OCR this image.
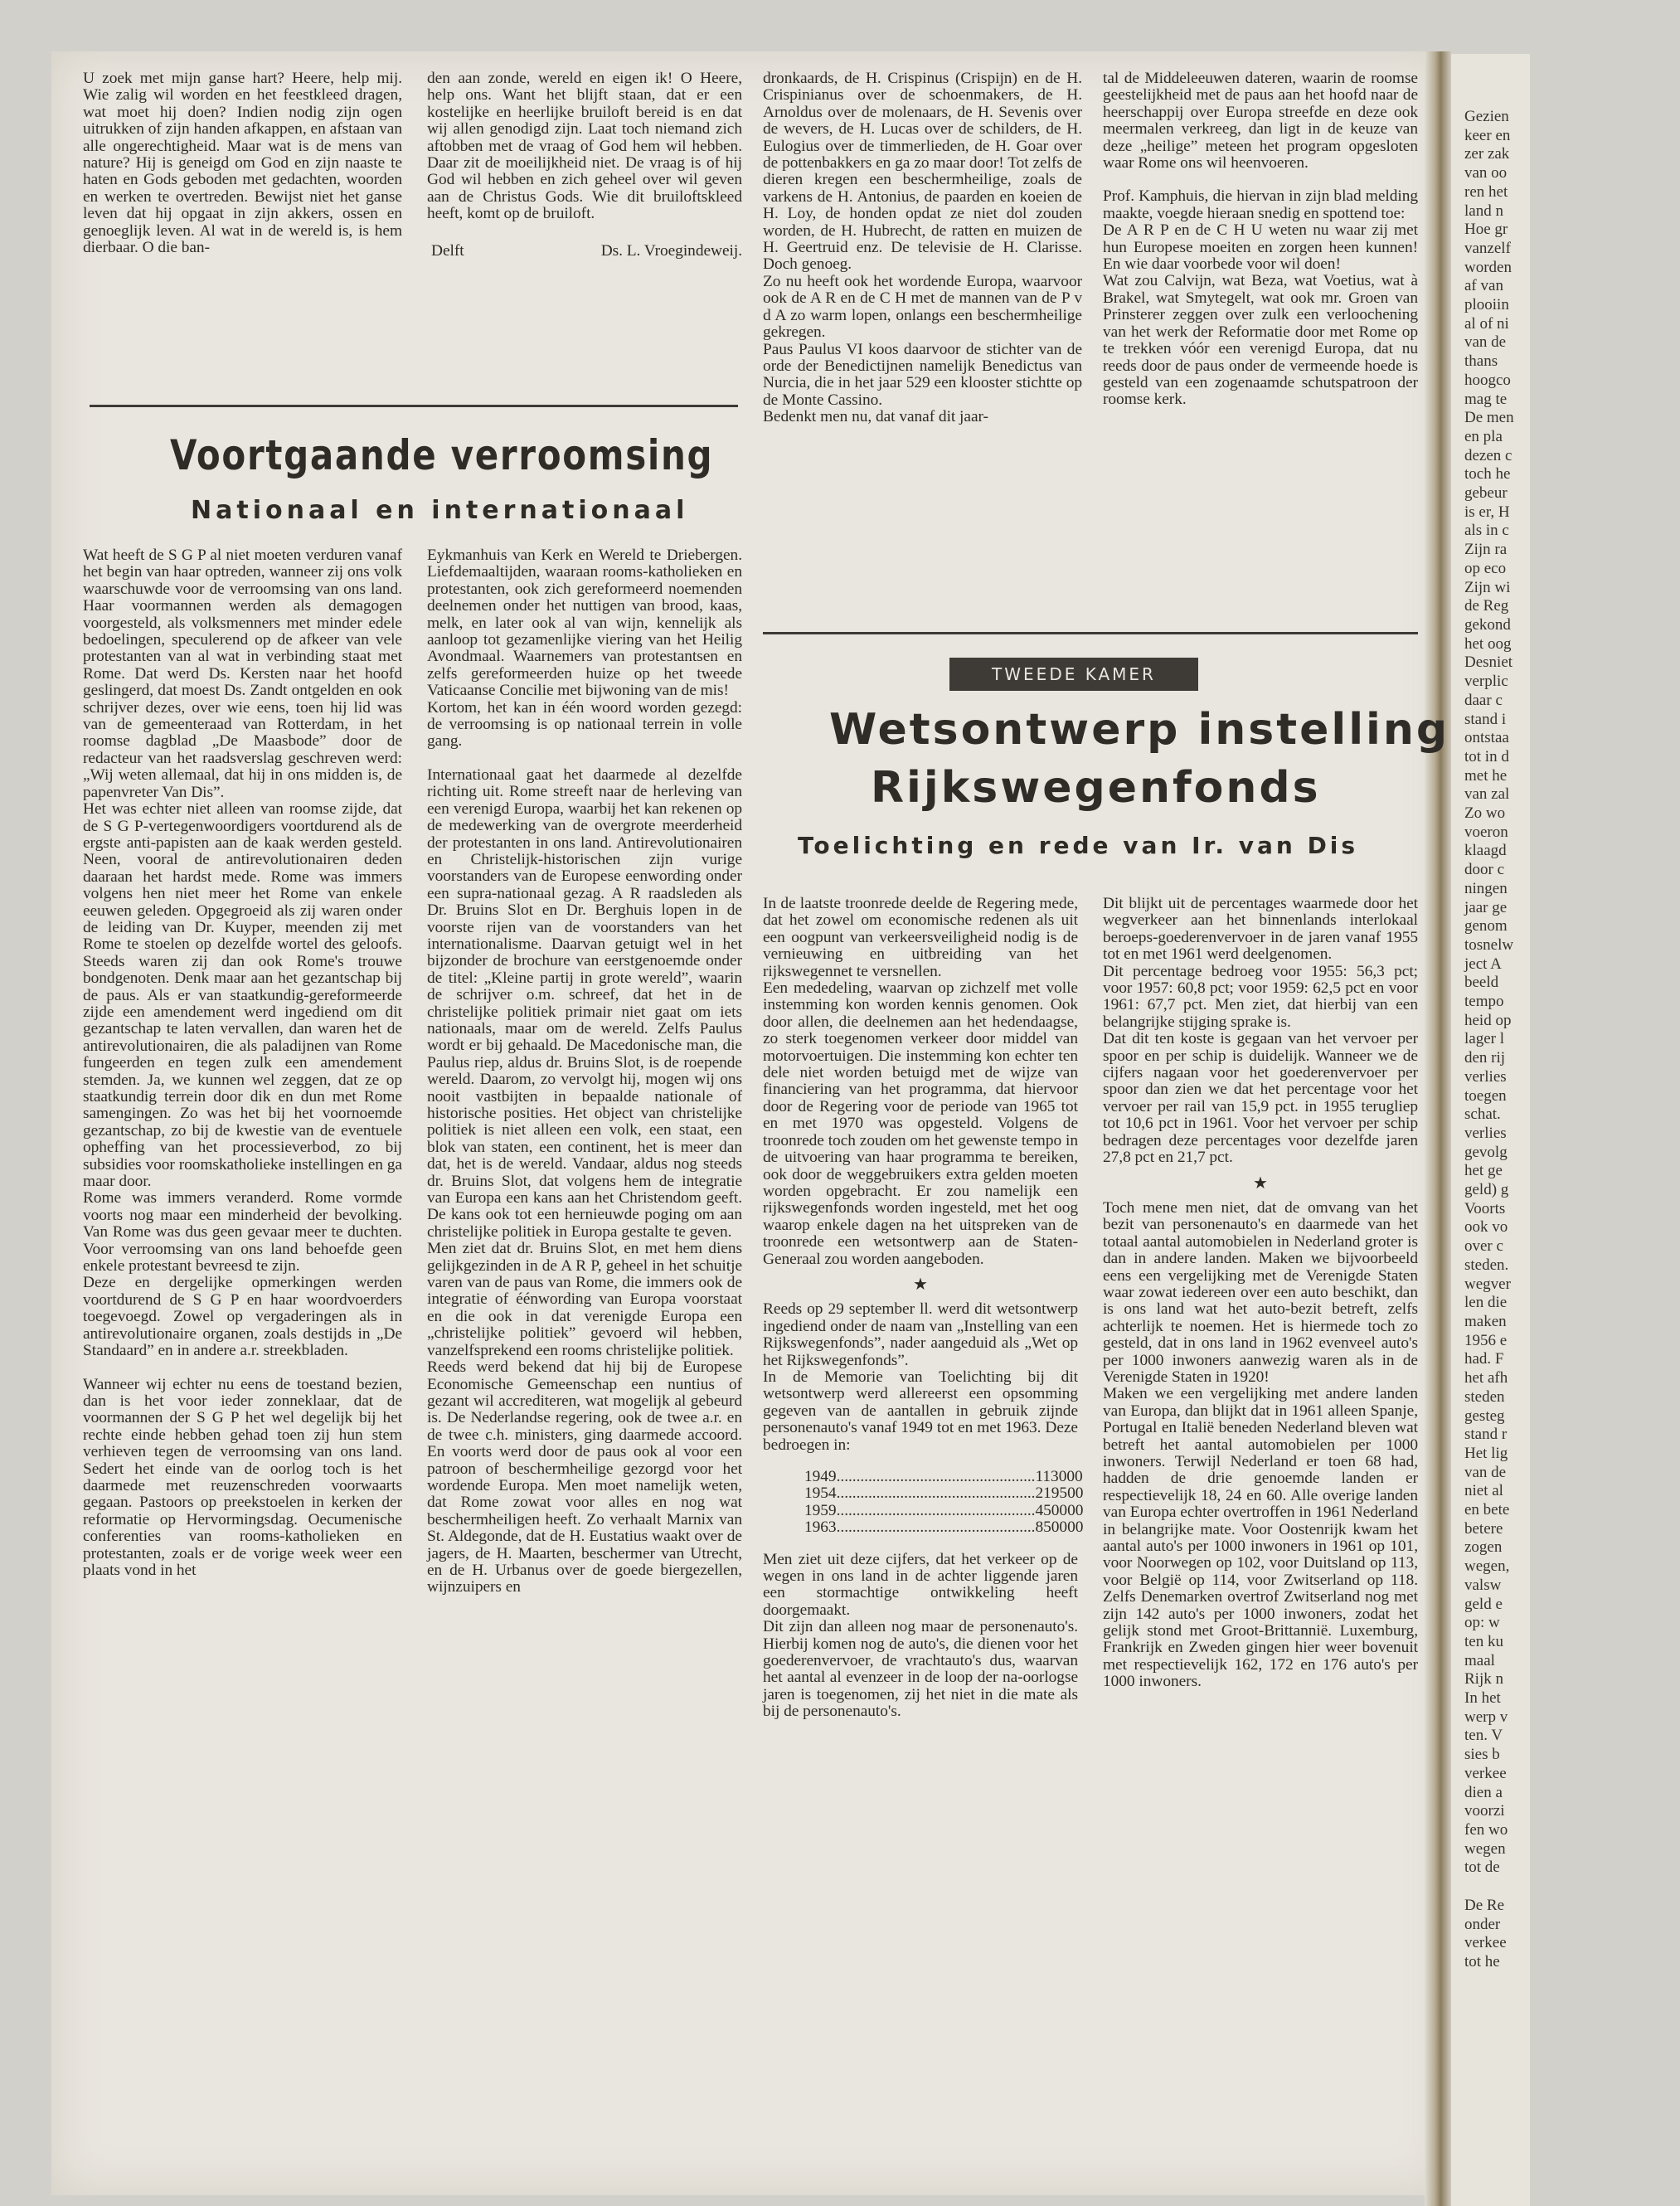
Gezien
keer en
zer zak
van oo
ren het
land n
Hoe gr
vanzelf
worden
af van
plooiin
al of ni
van de
thans
hoogco
mag te
De men
en pla
dezen c
toch he
gebeur
is er, H
als in c
Zijn ra
op eco
Zijn wi
de Reg
gekond
het oog
Desniet
verplic
daar c
stand i
ontstaa
tot in d
met he
van zal
Zo wo
voeron
klaagd
door c
ningen
jaar ge
genom
tosnelw
ject A
beeld
tempo
heid op
lager l
den rij
verlies
toegen
schat.
verlies
gevolg
het ge
geld) g
Voorts
ook vo
over c
steden.
wegver
len die
maken
1956 e
had. F
het afh
steden
gesteg
stand r
Het lig
van de
niet al
en bete
betere
zogen
wegen,
valsw
geld e
op: w
ten ku
maal
Rijk n
In het
werp v
ten. V
sies b
verkee
dien a
voorzi
fen wo
wegen
tot de

De Re
onder
verkee
tot he

U zoek met mijn ganse hart? Heere, help mij. Wie zalig wil worden en het feestkleed dragen, wat moet hij doen? Indien nodig zijn ogen uitrukken of zijn handen afkappen, en afstaan van alle ongerechtigheid. Maar wat is de mens van nature? Hij is geneigd om God en zijn naaste te haten en Gods geboden met gedachten, woorden en werken te overtreden. Bewijst niet het ganse leven dat hij opgaat in zijn akkers, ossen en genoeglijk leven. Al wat in de wereld is, is hem dierbaar. O die ban-

den aan zonde, wereld en eigen ik! O Heere, help ons. Want het blijft staan, dat er een kostelijke en heerlijke bruiloft bereid is en dat wij allen genodigd zijn. Laat toch niemand zich aftobben met de vraag of God hem wil hebben. Daar zit de moeilijkheid niet. De vraag is of hij God wil hebben en zich geheel over wil geven aan de Christus Gods. Wie dit bruiloftskleed heeft, komt op de bruiloft.

Delft	Ds. L. Vroegindeweij.
Voortgaande verroomsing
Nationaal en internationaal

Wat heeft de S G P al niet moeten verduren vanaf het begin van haar optreden, wanneer zij ons volk waarschuwde voor de verroomsing van ons land. Haar voormannen werden als demagogen voorgesteld, als volksmenners met minder edele bedoelingen, speculerend op de afkeer van vele protestanten van al wat in verbinding staat met Rome. Dat werd Ds. Kersten naar het hoofd geslingerd, dat moest Ds. Zandt ontgelden en ook schrijver dezes, over wie eens, toen hij lid was van de gemeenteraad van Rotterdam, in het roomse dagblad „De Maasbode” door de redacteur van het raadsverslag geschreven werd: „Wij weten allemaal, dat hij in ons midden is, de papenvreter Van Dis”.

Het was echter niet alleen van roomse zijde, dat de S G P-vertegenwoordigers voortdurend als de ergste anti-papisten aan de kaak werden gesteld. Neen, vooral de antirevolutionairen deden daaraan het hardst mede. Rome was immers volgens hen niet meer het Rome van enkele eeuwen geleden. Opgegroeid als zij waren onder de leiding van Dr. Kuyper, meenden zij met Rome te stoelen op dezelfde wortel des geloofs. Steeds waren zij dan ook Rome's trouwe bondgenoten. Denk maar aan het gezantschap bij de paus. Als er van staatkundig-gereformeerde zijde een amendement werd ingediend om dit gezantschap te laten vervallen, dan waren het de antirevolutionairen, die als paladijnen van Rome fungeerden en tegen zulk een amendement stemden. Ja, we kunnen wel zeggen, dat ze op staatkundig terrein door dik en dun met Rome samengingen. Zo was het bij het voornoemde gezantschap, zo bij de kwestie van de eventuele opheffing van het processieverbod, zo bij subsidies voor roomskatholieke instellingen en ga maar door.

Rome was immers veranderd. Rome vormde voorts nog maar een minderheid der bevolking. Van Rome was dus geen gevaar meer te duchten. Voor verroomsing van ons land behoefde geen enkele protestant bevreesd te zijn.

Deze en dergelijke opmerkingen werden voortdurend de S G P en haar woordvoerders toegevoegd. Zowel op vergaderingen als in antirevolutionaire organen, zoals destijds in „De Standaard” en in andere a.r. streekbladen.

Wanneer wij echter nu eens de toestand bezien, dan is het voor ieder zonneklaar, dat de voormannen der S G P het wel degelijk bij het rechte einde hebben gehad toen zij hun stem verhieven tegen de verroomsing van ons land. Sedert het einde van de oorlog toch is het daarmede met reuzenschreden voorwaarts gegaan. Pastoors op preekstoelen in kerken der reformatie op Hervormingsdag. Oecumenische conferenties van rooms-katholieken en protestanten, zoals er de vorige week weer een plaats vond in het

Eykmanhuis van Kerk en Wereld te Driebergen. Liefdemaaltijden, waaraan rooms-katholieken en protestanten, ook zich gereformeerd noemenden deelnemen onder het nuttigen van brood, kaas, melk, en later ook al van wijn, kennelijk als aanloop tot gezamenlijke viering van het Heilig Avondmaal. Waarnemers van protestantsen en zelfs gereformeerden huize op het tweede Vaticaanse Concilie met bijwoning van de mis!

Kortom, het kan in één woord worden gezegd: de verroomsing is op nationaal terrein in volle gang.

Internationaal gaat het daarmede al dezelfde richting uit. Rome streeft naar de herleving van een verenigd Europa, waarbij het kan rekenen op de medewerking van de overgrote meerderheid der protestanten in ons land. Antirevolutionairen en Christelijk-historischen zijn vurige voorstanders van de Europese eenwording onder een supra-nationaal gezag. A R raadsleden als Dr. Bruins Slot en Dr. Berghuis lopen in de voorste rijen van de voorstanders van het internationalisme. Daarvan getuigt wel in het bijzonder de brochure van eerstgenoemde onder de titel: „Kleine partij in grote wereld”, waarin de schrijver o.m. schreef, dat het in de christelijke politiek primair niet gaat om iets nationaals, maar om de wereld. Zelfs Paulus wordt er bij gehaald. De Macedonische man, die Paulus riep, aldus dr. Bruins Slot, is de roepende wereld. Daarom, zo vervolgt hij, mogen wij ons nooit vastbijten in bepaalde nationale of historische posities. Het object van christelijke politiek is niet alleen een volk, een staat, een blok van staten, een continent, het is meer dan dat, het is de wereld. Vandaar, aldus nog steeds dr. Bruins Slot, dat volgens hem de integratie van Europa een kans aan het Christendom geeft. De kans ook tot een hernieuwde poging om aan christelijke politiek in Europa gestalte te geven.

Men ziet dat dr. Bruins Slot, en met hem diens gelijkgezinden in de A R P, geheel in het schuitje varen van de paus van Rome, die immers ook de integratie of éénwording van Europa voorstaat en die ook in dat verenigde Europa een „christelijke politiek” gevoerd wil hebben, vanzelfsprekend een rooms christelijke politiek.

Reeds werd bekend dat hij bij de Europese Economische Gemeenschap een nuntius of gezant wil accrediteren, wat mogelijk al gebeurd is. De Nederlandse regering, ook de twee a.r. en de twee c.h. ministers, ging daarmede accoord. En voorts werd door de paus ook al voor een patroon of beschermheilige gezorgd voor het wordende Europa. Men moet namelijk weten, dat Rome zowat voor alles en nog wat beschermheiligen heeft. Zo verhaalt Marnix van St. Aldegonde, dat de H. Eustatius waakt over de jagers, de H. Maarten, beschermer van Utrecht, en de H. Urbanus over de goede biergezellen, wijnzuipers en

dronkaards, de H. Crispinus (Crispijn) en de H. Crispinianus over de schoenmakers, de H. Arnoldus over de molenaars, de H. Sevenis over de wevers, de H. Lucas over de schilders, de H. Eulogius over de timmerlieden, de H. Goar over de pottenbakkers en ga zo maar door! Tot zelfs de dieren kregen een beschermheilige, zoals de varkens de H. Antonius, de paarden en koeien de H. Loy, de honden opdat ze niet dol zouden worden, de H. Hubrecht, de ratten en muizen de H. Geertruid enz. De televisie de H. Clarisse. Doch genoeg.

Zo nu heeft ook het wordende Europa, waarvoor ook de A R en de C H met de mannen van de P v d A zo warm lopen, onlangs een beschermheilige gekregen.

Paus Paulus VI koos daarvoor de stichter van de orde der Benedictijnen namelijk Benedictus van Nurcia, die in het jaar 529 een klooster stichtte op de Monte Cassino.

Bedenkt men nu, dat vanaf dit jaar-

tal de Middeleeuwen dateren, waarin de roomse geestelijkheid met de paus aan het hoofd naar de heerschappij over Europa streefde en deze ook meermalen verkreeg, dan ligt in de keuze van deze „heilige” meteen het program opgesloten waar Rome ons wil heenvoeren.

Prof. Kamphuis, die hiervan in zijn blad melding maakte, voegde hieraan snedig en spottend toe:

De A R P en de C H U weten nu waar zij met hun Europese moeiten en zorgen heen kunnen! En wie daar voorbede voor wil doen!

Wat zou Calvijn, wat Beza, wat Voetius, wat à Brakel, wat Smytegelt, wat ook mr. Groen van Prinsterer zeggen over zulk een verloochening van het werk der Reformatie door met Rome op te trekken vóór een verenigd Europa, dat nu reeds door de paus onder de vermeende hoede is gesteld van een zogenaamde schutspatroon der roomse kerk.

TWEEDE KAMER
Wetsontwerp instelling
Rijkswegenfonds
Toelichting en rede van Ir. van Dis

In de laatste troonrede deelde de Regering mede, dat het zowel om economische redenen als uit een oogpunt van verkeersveiligheid nodig is de vernieuwing en uitbreiding van het rijkswegennet te versnellen.

Een mededeling, waarvan op zichzelf met volle instemming kon worden kennis genomen. Ook door allen, die deelnemen aan het hedendaagse, zo sterk toegenomen verkeer door middel van motorvoertuigen. Die instemming kon echter ten dele niet worden betuigd met de wijze van financiering van het programma, dat hiervoor door de Regering voor de periode van 1965 tot en met 1970 was opgesteld. Volgens de troonrede toch zouden om het gewenste tempo in de uitvoering van haar programma te bereiken, ook door de weggebruikers extra gelden moeten worden opgebracht. Er zou namelijk een rijkswegenfonds worden ingesteld, met het oog waarop enkele dagen na het uitspreken van de troonrede een wetsontwerp aan de Staten-Generaal zou worden aangeboden.

★

Reeds op 29 september ll. werd dit wetsontwerp ingediend onder de naam van „Instelling van een Rijkswegenfonds”, nader aangeduid als „Wet op het Rijkswegenfonds”.

In de Memorie van Toelichting bij dit wetsontwerp werd allereerst een opsomming gegeven van de aantallen in gebruik zijnde personenauto's vanaf 1949 tot en met 1963. Deze bedroegen in:

1949 .................................................. 113000
1954 .................................................. 219500
1959 .................................................. 450000
1963 .................................................. 850000

Men ziet uit deze cijfers, dat het verkeer op de wegen in ons land in de achter liggende jaren een stormachtige ontwikkeling heeft doorgemaakt.

Dit zijn dan alleen nog maar de personenauto's. Hierbij komen nog de auto's, die dienen voor het goederenvervoer, de vrachtauto's dus, waarvan het aantal al evenzeer in de loop der na-oorlogse jaren is toegenomen, zij het niet in die mate als bij de personenauto's.

Dit blijkt uit de percentages waarmede door het wegverkeer aan het binnenlands interlokaal beroeps-goederenvervoer in de jaren vanaf 1955 tot en met 1961 werd deelgenomen.

Dit percentage bedroeg voor 1955: 56,3 pct; voor 1957: 60,8 pct; voor 1959: 62,5 pct en voor 1961: 67,7 pct. Men ziet, dat hierbij van een belangrijke stijging sprake is.

Dat dit ten koste is gegaan van het vervoer per spoor en per schip is duidelijk. Wanneer we de cijfers nagaan voor het goederenvervoer per spoor dan zien we dat het percentage voor het vervoer per rail van 15,9 pct. in 1955 terugliep tot 10,6 pct in 1961. Voor het vervoer per schip bedragen deze percentages voor dezelfde jaren 27,8 pct en 21,7 pct.

★

Toch mene men niet, dat de omvang van het bezit van personenauto's en daarmede van het totaal aantal automobielen in Nederland groter is dan in andere landen. Maken we bijvoorbeeld eens een vergelijking met de Verenigde Staten waar zowat iedereen over een auto beschikt, dan is ons land wat het auto-bezit betreft, zelfs achterlijk te noemen. Het is hiermede toch zo gesteld, dat in ons land in 1962 evenveel auto's per 1000 inwoners aanwezig waren als in de Verenigde Staten in 1920!

Maken we een vergelijking met andere landen van Europa, dan blijkt dat in 1961 alleen Spanje, Portugal en Italië beneden Nederland bleven wat betreft het aantal automobielen per 1000 inwoners. Terwijl Nederland er toen 68 had, hadden de drie genoemde landen er respectievelijk 18, 24 en 60. Alle overige landen van Europa echter overtroffen in 1961 Nederland in belangrijke mate. Voor Oostenrijk kwam het aantal auto's per 1000 inwoners in 1961 op 101, voor Noorwegen op 102, voor Duitsland op 113, voor België op 114, voor Zwitserland op 118. Zelfs Denemarken overtrof Zwitserland nog met zijn 142 auto's per 1000 inwoners, zodat het gelijk stond met Groot-Brittannië. Luxemburg, Frankrijk en Zweden gingen hier weer bovenuit met respectievelijk 162, 172 en 176 auto's per 1000 inwoners.
